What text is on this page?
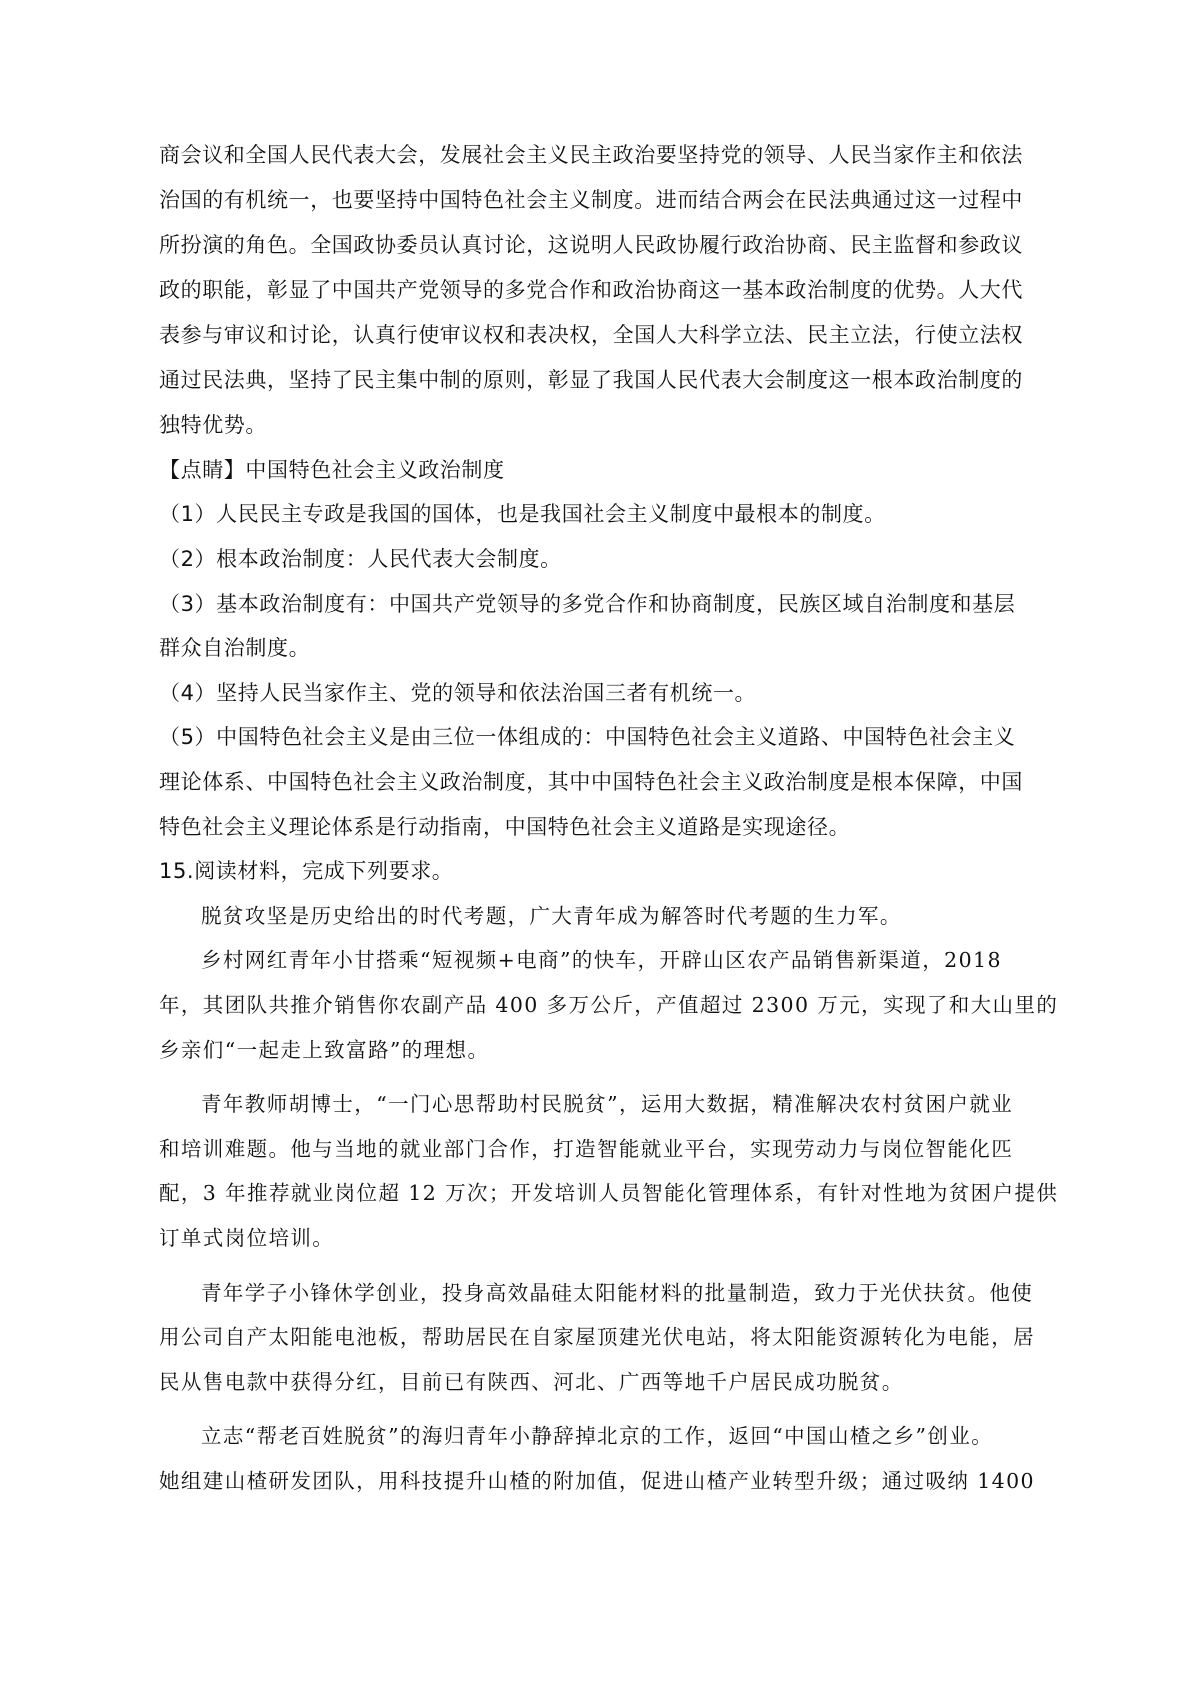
商会议和全国人民代表大会，发展社会主义民主政治要坚持党的领导、人民当家作主和依法

治国的有机统一，也要坚持中国特色社会主义制度。进而结合两会在民法典通过这一过程中

所扮演的角色。全国政协委员认真讨论，这说明人民政协履行政治协商、民主监督和参政议

政的职能，彰显了中国共产党领导的多党合作和政治协商这一基本政治制度的优势。人大代

表参与审议和讨论，认真行使审议权和表决权，全国人大科学立法、民主立法，行使立法权

通过民法典，坚持了民主集中制的原则，彰显了我国人民代表大会制度这一根本政治制度的

独特优势。

【点睛】中国特色社会主义政治制度

（1）人民民主专政是我国的国体，也是我国社会主义制度中最根本的制度。

（2）根本政治制度：人民代表大会制度。

（3）基本政治制度有：中国共产党领导的多党合作和协商制度，民族区域自治制度和基层

群众自治制度。

（4）坚持人民当家作主、党的领导和依法治国三者有机统一。

（5）中国特色社会主义是由三位一体组成的：中国特色社会主义道路、中国特色社会主义

理论体系、中国特色社会主义政治制度，其中中国特色社会主义政治制度是根本保障，中国

特色社会主义理论体系是行动指南，中国特色社会主义道路是实现途径。

15.阅读材料，完成下列要求。

脱贫攻坚是历史给出的时代考题，广大青年成为解答时代考题的生力军。

乡村网红青年小甘搭乘“短视频+电商”的快车，开辟山区农产品销售新渠道，2018

年，其团队共推介销售你农副产品 400 多万公斤，产值超过 2300 万元，实现了和大山里的

乡亲们“一起走上致富路”的理想。

青年教师胡博士，“一门心思帮助村民脱贫”，运用大数据，精准解决农村贫困户就业

和培训难题。他与当地的就业部门合作，打造智能就业平台，实现劳动力与岗位智能化匹

配，3 年推荐就业岗位超 12 万次；开发培训人员智能化管理体系，有针对性地为贫困户提供

订单式岗位培训。

青年学子小锋休学创业，投身高效晶硅太阳能材料的批量制造，致力于光伏扶贫。他使

用公司自产太阳能电池板，帮助居民在自家屋顶建光伏电站，将太阳能资源转化为电能，居

民从售电款中获得分红，目前已有陕西、河北、广西等地千户居民成功脱贫。

立志“帮老百姓脱贫”的海归青年小静辞掉北京的工作，返回“中国山楂之乡”创业。

她组建山楂研发团队，用科技提升山楂的附加值，促进山楂产业转型升级；通过吸纳 1400
